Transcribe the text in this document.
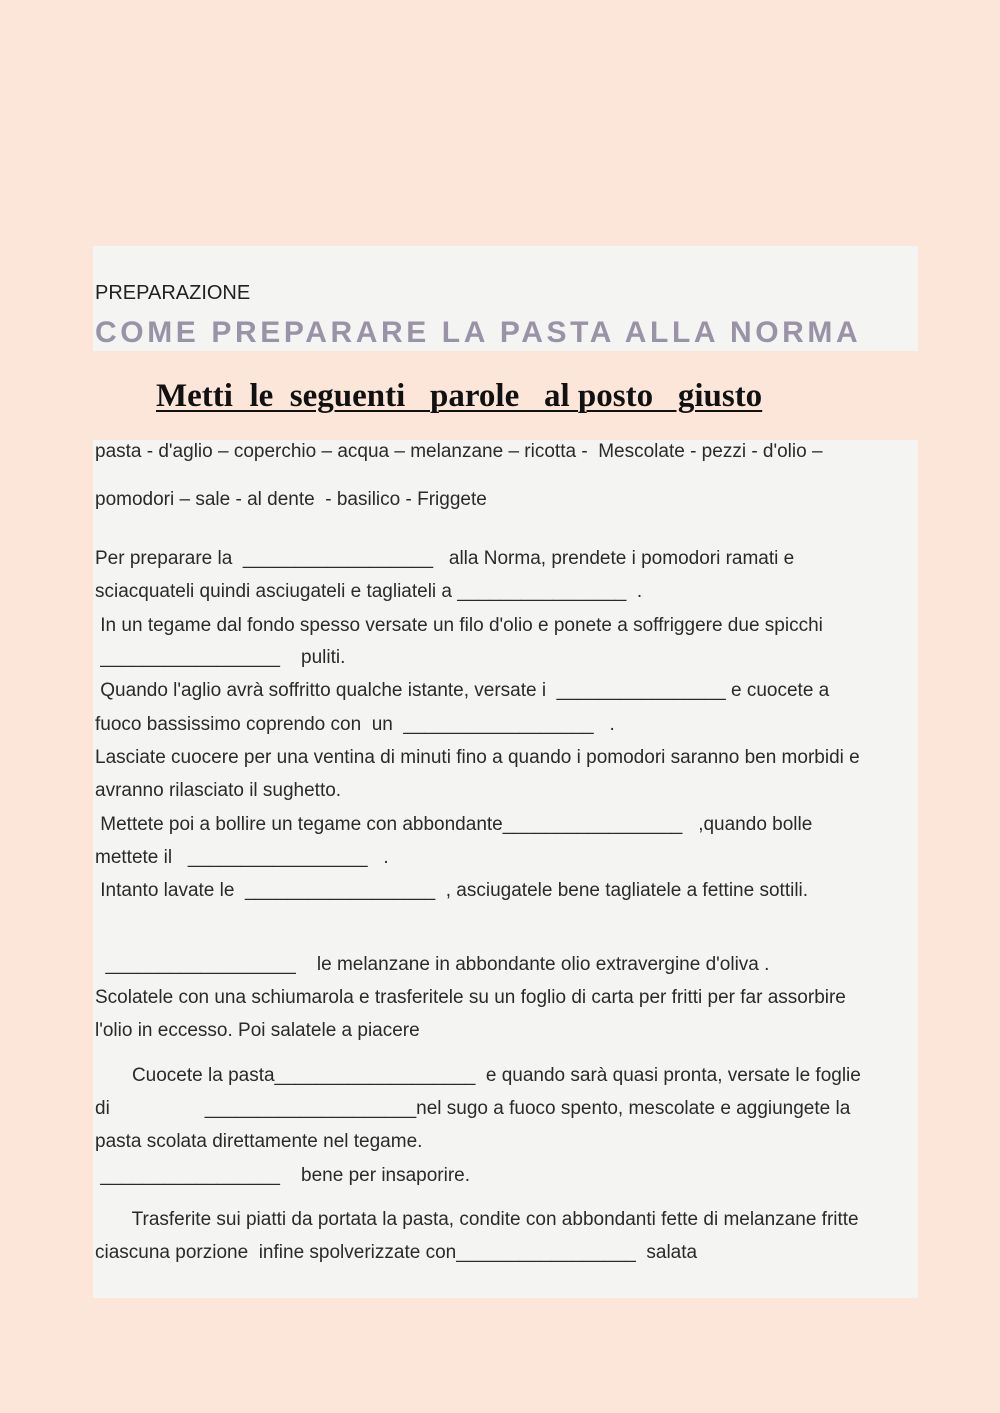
PREPARAZIONE
COME PREPARARE LA PASTA ALLA NORMA
Metti  le  seguenti   parole   al posto   giusto
pasta - d'aglio – coperchio – acqua – melanzane – ricotta -  Mescolate - pezzi - d'olio –
pomodori – sale - al dente  - basilico - Friggete
Per preparare la  __________________   alla Norma, prendete i pomodori ramati e
sciacquateli quindi asciugateli e tagliateli a ________________  .
In un tegame dal fondo spesso versate un filo d'olio e ponete a soffriggere due spicchi
_________________    puliti.
Quando l'aglio avrà soffritto qualche istante, versate i  ________________ e cuocete a
fuoco bassissimo coprendo con  un  __________________   .
Lasciate cuocere per una ventina di minuti fino a quando i pomodori saranno ben morbidi e
avranno rilasciato il sughetto.
Mettete poi a bollire un tegame con abbondante_________________   ,quando bolle
mettete il   _________________   .
Intanto lavate le  __________________  , asciugatele bene tagliatele a fettine sottili.
__________________    le melanzane in abbondante olio extravergine d'oliva .
Scolatele con una schiumarola e trasferitele su un foglio di carta per fritti per far assorbire
l'olio in eccesso. Poi salatele a piacere
Cuocete la pasta___________________  e quando sarà quasi pronta, versate le foglie
di                  ____________________nel sugo a fuoco spento, mescolate e aggiungete la
pasta scolata direttamente nel tegame.
_________________    bene per insaporire.
Trasferite sui piatti da portata la pasta, condite con abbondanti fette di melanzane fritte
ciascuna porzione  infine spolverizzate con_________________  salata
